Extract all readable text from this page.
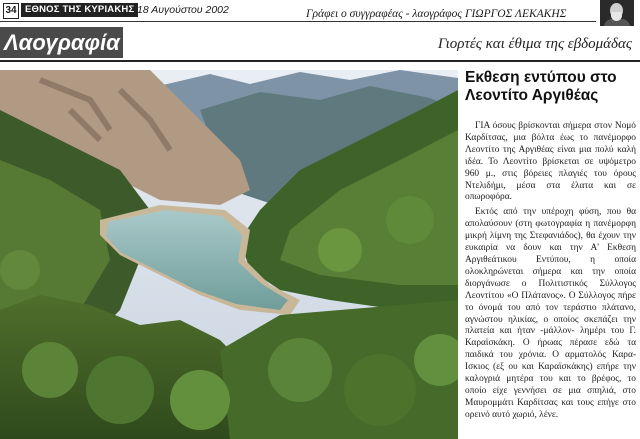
34 ΕΘΝΟΣ ΤΗΣ ΚΥΡΙΑΚΗΣ 18 Αυγούστου 2002	Γράφει ο συγγραφέας - λαογράφος ΓΙΩΡΓΟΣ ΛΕΚΑΚΗΣ
Λαογραφία	Γιορτές και έθιμα της εβδομάδας
Εκθεση εντύπου στο Λεοντίτο Αργιθέας

ΓΙΑ όσους βρίσκονται σήμερα στον Νομό Καρδίτσας, μια βόλτα έως το πανέμορφο Λεοντίτο της Αργιθέας είναι μια πολύ καλή ιδέα. Το Λεοντίτο βρίσκεται σε υψόμετρο 960 μ., στις βόρειες πλαγιές του όρους Ντελιδήμι, μέσα στα έλατα και σε οπωροφόρα.

Εκτός από την υπέροχη φύση, που θα απολαύσουν (στη φωτογραφία η πανέμορφη μικρή λίμνη της Στεφανιάδος), θα έχουν την ευκαιρία να δουν και την Α' Εκθεση Αργιθεάτικου Εντύπου, η οποία ολοκληρώνεται σήμερα και την οποία διοργάνωσε ο Πολιτιστικός Σύλλογος Λεοντίτου «Ο Πλάτανος». Ο Σύλλογος πήρε το όνομά του από τον τεράστιο πλάτανο, αγνώστου ηλικίας, ο οποίος σκεπάζει την πλατεία και ήταν -μάλλον- λημέρι του Γ. Καραϊσκάκη. Ο ήρωας πέρασε εδώ τα παιδικά του χρόνια. Ο αρματολός Καρα-Ισκιος (εξ ου και Καραϊσκάκης) επήρε την καλογριά μητέρα του και το βρέφος, το οποίο είχε γεννήσει σε μια σπηλιά, στο Μαυρομμάτι Καρδίτσας και τους επήγε στο ορεινό αυτό χωριό, λένε.
